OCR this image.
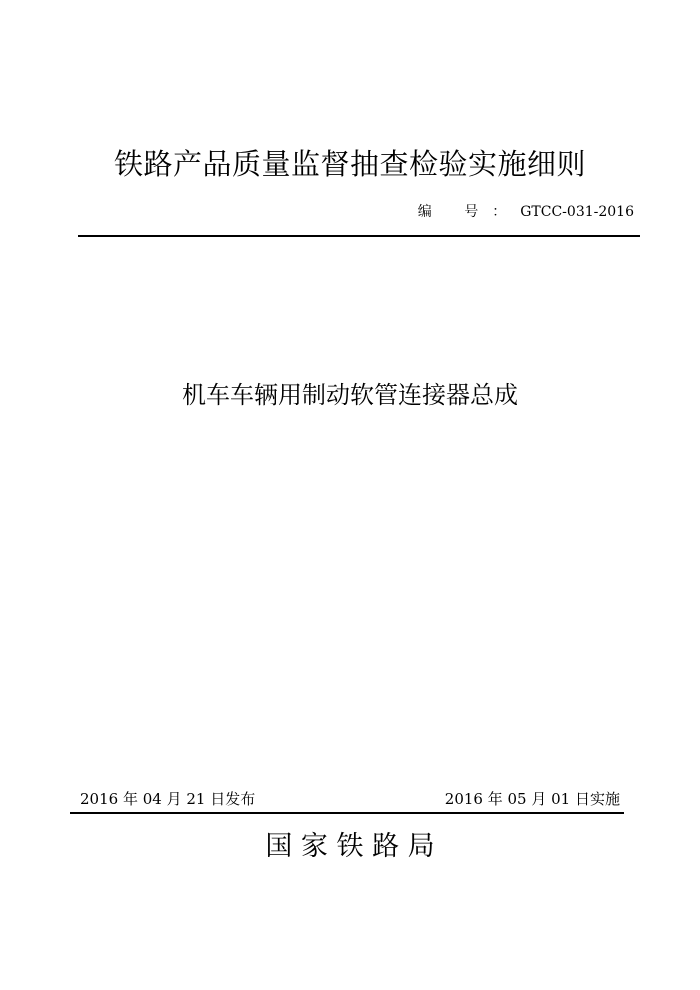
铁路产品质量监督抽查检验实施细则
编 号：GTCC-031-2016
机车车辆用制动软管连接器总成
2016 年 04 月 21 日发布	2016 年 05 月 01 日实施
国 家 铁 路 局
